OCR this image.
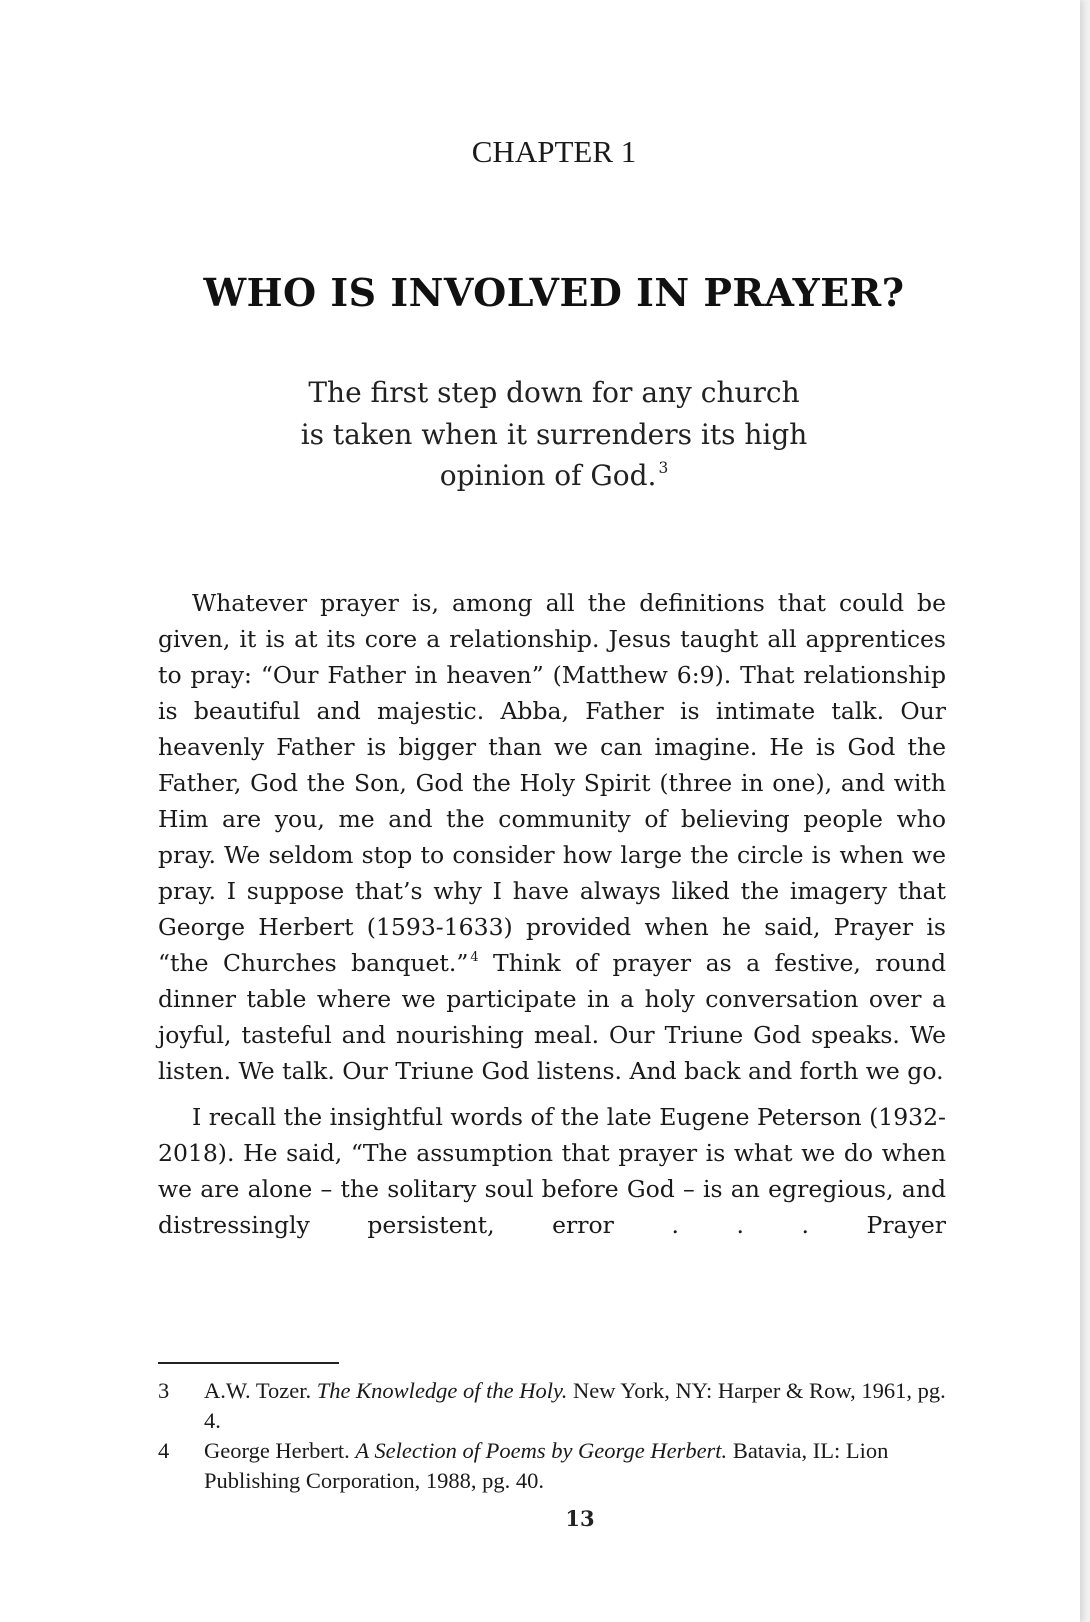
CHAPTER 1
WHO IS INVOLVED IN PRAYER?
The first step down for any church
is taken when it surrenders its high
opinion of God. $^3$

Whatever prayer is, among all the definitions that could be given, it is at its core a relationship. Jesus taught all apprentices to pray: “Our Father in heaven” (Matthew 6:9). That relationship is beautiful and majestic. Abba, Father is intimate talk. Our heavenly Father is bigger than we can imagine. He is God the Father, God the Son, God the Holy Spirit (three in one), and with Him are you, me and the community of believing people who pray. We seldom stop to consider how large the circle is when we pray. I suppose that’s why I have always liked the imagery that George Herbert (1593-1633) provided when he said, Prayer is “the Churches banquet.” $^4$ Think of prayer as a festive, round dinner table where we participate in a holy conversation over a joyful, tasteful and nourishing meal. Our Triune God speaks. We listen. We talk. Our Triune God listens. And back and forth we go.

I recall the insightful words of the late Eugene Peterson (1932-2018). He said, “The assumption that prayer is what we do when we are alone – the solitary soul before God – is an egregious, and distressingly persistent, error . . . Prayer

3	A.W. Tozer. The Knowledge of the Holy. New York, NY: Harper & Row, 1961, pg. 4.
4	George Herbert. A Selection of Poems by George Herbert. Batavia, IL: Lion Publishing Corporation, 1988, pg. 40.
13
